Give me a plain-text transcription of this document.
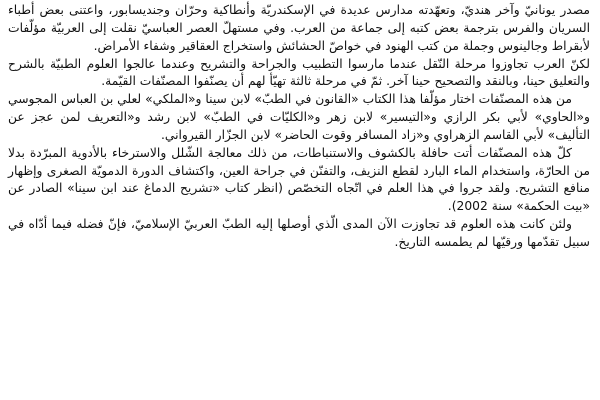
مصدر يونانيّ وآخر هنديّ، وتعهّدته مدارس عديدة في الإسكندريّة وأنطاكية وحرّان وجنديسابور، واعتنى بعض أطباء السريان والفرس بترجمة بعض كتبه إلى جماعة من العرب. وفي مستهلّ العصر العباسيّ نقلت إلى العربيّة مؤلّفات لأبقراط وجالينوس وجملة من كتب الهنود في خواصّ الحشائش واستخراج العقاقير وشفاء الأمراض.

لكنّ العرب تجاوزوا مرحلة النّقل عندما مارسوا التطبيب والجراحة والتشريح وعندما عالجوا العلوم الطبيّة بالشرح والتعليق حينا، وبالنقد والتصحيح حينا آخر. ثمّ في مرحلة ثالثة تهيّأ لهم أن يصنّفوا المصنّفات القيّمة.

من هذه المصنّفات اختار مؤلّفا هذا الكتاب «القانون في الطبّ» لابن سينا و«الملكي» لعلي بن العباس المجوسي و«الحاوي» لأبي بكر الرازي و«التيسير» لابن زهر و«الكليّات في الطبّ» لابن رشد و«التعريف لمن عجز عن التأليف» لأبي القاسم الزهراوي و«زاد المسافر وقوت الحاضر» لابن الجزّار القيرواني.

كلّ هذه المصنّفات أتت حافلة بالكشوف والاستنباطات، من ذلك معالجة الشّلل والاسترخاء بالأدوية المبرّدة بدلا من الحارّة، واستخدام الماء البارد لقطع النزيف، والتفنّن في جراحة العين، واكتشاف الدورة الدمويّة الصغرى وإظهار منافع التشريح. ولقد جروا في هذا العلم في اتّجاه التخصّص (انظر كتاب «تشريح الدماغ عند ابن سينا» الصادر عن «بيت الحكمة» سنة 2002).

ولئن كانت هذه العلوم قد تجاوزت الآن المدى الّذي أوصلها إليه الطبّ العربيّ الإسلاميّ، فإنّ فضله فيما أدّاه في سبيل تقدّمها ورقيّها لم يطمسه التاريخ.
